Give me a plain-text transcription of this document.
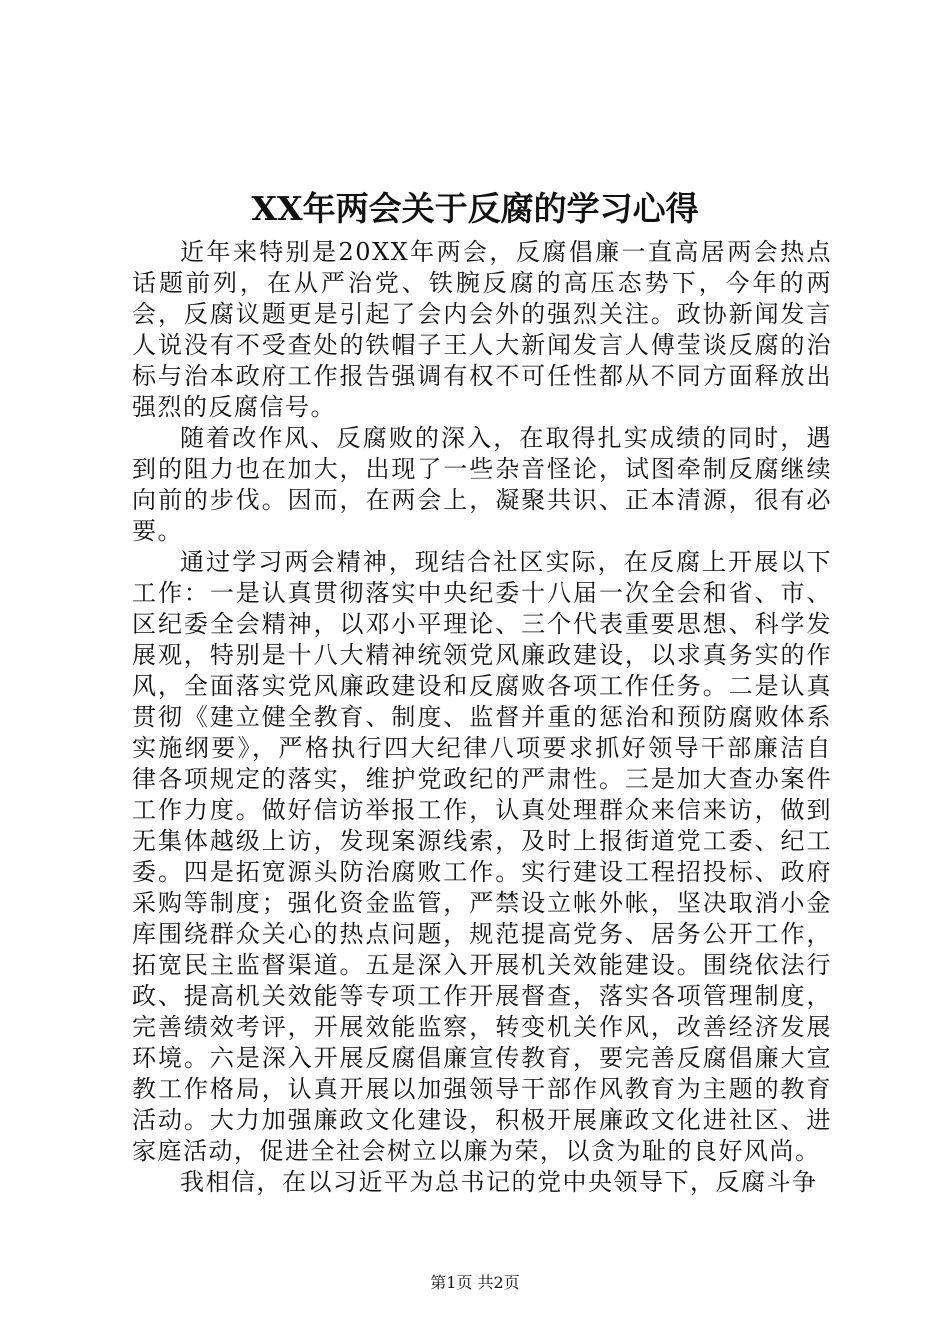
XX年两会关于反腐的学习心得

近年来特别是20XX年两会，反腐倡廉一直高居两会热点话题前列，在从严治党、铁腕反腐的高压态势下，今年的两会，反腐议题更是引起了会内会外的强烈关注。政协新闻发言人说没有不受查处的铁帽子王人大新闻发言人傅莹谈反腐的治标与治本政府工作报告强调有权不可任性都从不同方面释放出强烈的反腐信号。

随着改作风、反腐败的深入，在取得扎实成绩的同时，遇到的阻力也在加大，出现了一些杂音怪论，试图牵制反腐继续向前的步伐。因而，在两会上，凝聚共识、正本清源，很有必要。

通过学习两会精神，现结合社区实际，在反腐上开展以下工作：一是认真贯彻落实中央纪委十八届一次全会和省、市、区纪委全会精神，以邓小平理论、三个代表重要思想、科学发展观，特别是十八大精神统领党风廉政建设，以求真务实的作风，全面落实党风廉政建设和反腐败各项工作任务。二是认真贯彻《建立健全教育、制度、监督并重的惩治和预防腐败体系实施纲要》，严格执行四大纪律八项要求抓好领导干部廉洁自律各项规定的落实，维护党政纪的严肃性。三是加大查办案件工作力度。做好信访举报工作，认真处理群众来信来访，做到无集体越级上访，发现案源线索，及时上报街道党工委、纪工委。四是拓宽源头防治腐败工作。实行建设工程招投标、政府采购等制度；强化资金监管，严禁设立帐外帐，坚决取消小金库围绕群众关心的热点问题，规范提高党务、居务公开工作，拓宽民主监督渠道。五是深入开展机关效能建设。围绕依法行政、提高机关效能等专项工作开展督查，落实各项管理制度，完善绩效考评，开展效能监察，转变机关作风，改善经济发展环境。六是深入开展反腐倡廉宣传教育，要完善反腐倡廉大宣教工作格局，认真开展以加强领导干部作风教育为主题的教育活动。大力加强廉政文化建设，积极开展廉政文化进社区、进家庭活动，促进全社会树立以廉为荣，以贪为耻的良好风尚。

我相信，在以习近平为总书记的党中央领导下，反腐斗争

第1页 共2页
